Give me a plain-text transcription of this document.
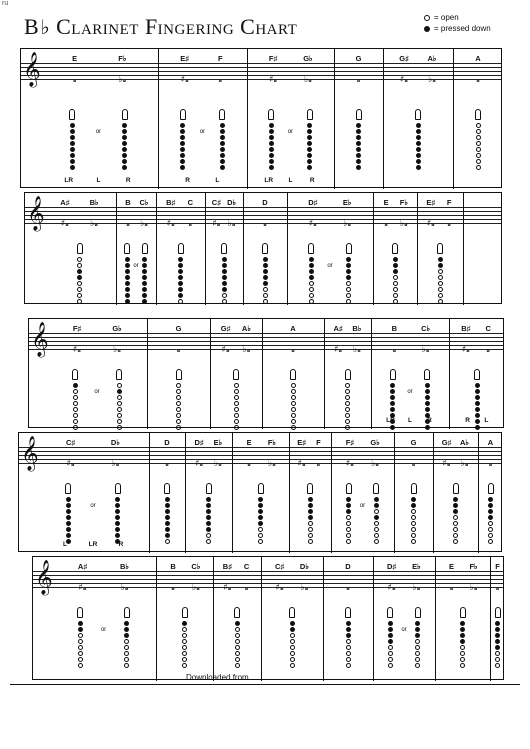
ru
B♭ Clarinet Fingering Chart	= open
= pressed down
𝄞	E	F♭
𝅝	♭𝅝
or
LR	L	R
E♯	F
♯𝅝	𝅝
or
R	L
F♯	G♭
♯𝅝	♭𝅝
or
LR L	R
G
𝅝
G♯ A♭
♯𝅝 ♭𝅝
A
𝅝
𝄞 A♯	B♭
♯𝅝 ♭𝅝
B C♭
𝅝 ♭𝅝
or
B♯ C
♯𝅝 𝅝
C♯ D♭
♯𝅝 ♭𝅝
D
𝅝
D♯	E♭
♯𝅝	♭𝅝
or
E F♭
𝅝 ♭𝅝
E♯ F
♯𝅝 𝅝
𝄞	F♯	G♭
♯𝅝	♭𝅝
or
G
𝅝
G♯ A♭
♯𝅝 ♭𝅝
A
𝅝
A♯ B♭
♯𝅝 ♭𝅝
B	C♭
𝅝	♭𝅝
or
LR L R
B♯ C
♯𝅝 𝅝
R L
𝄞	C♯	D♭
♯𝅝	♭𝅝
or
L	LR	R
D
𝅝
D♯ E♭
♯𝅝 ♭𝅝
E F♭
𝅝 ♭𝅝
E♯ F
♯𝅝 𝅝
F♯ G♭
♯𝅝 ♭𝅝
or
G
𝅝
G♯ A♭
♯𝅝 ♭𝅝
A
𝅝
𝄞	A♯	B♭
♯𝅝	♭𝅝
or
B C♭
𝅝 ♭𝅝
B♯ C
♯𝅝 𝅝
C♯ D♭
♯𝅝 ♭𝅝
D
𝅝
D♯ E♭
♯𝅝 ♭𝅝
or
E F♭
𝅝 ♭𝅝
F
𝅝
Downloaded from
